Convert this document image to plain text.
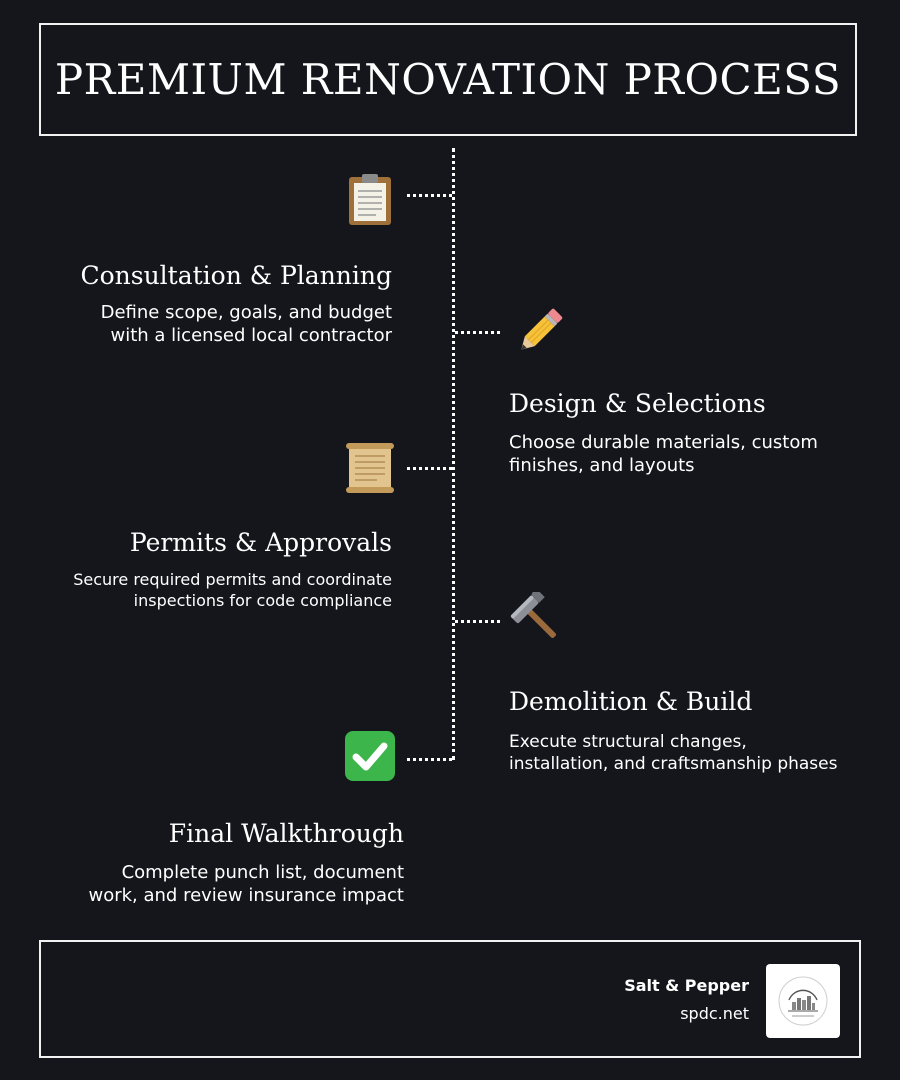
PREMIUM RENOVATION PROCESS
Consultation & Planning
Define scope, goals, and budget
with a licensed local contractor
Design & Selections
Choose durable materials, custom
finishes, and layouts
Permits & Approvals
Secure required permits and coordinate
inspections for code compliance
Demolition & Build
Execute structural changes,
installation, and craftsmanship phases
Final Walkthrough
Complete punch list, document
work, and review insurance impact
Salt & Pepper
spdc.net
